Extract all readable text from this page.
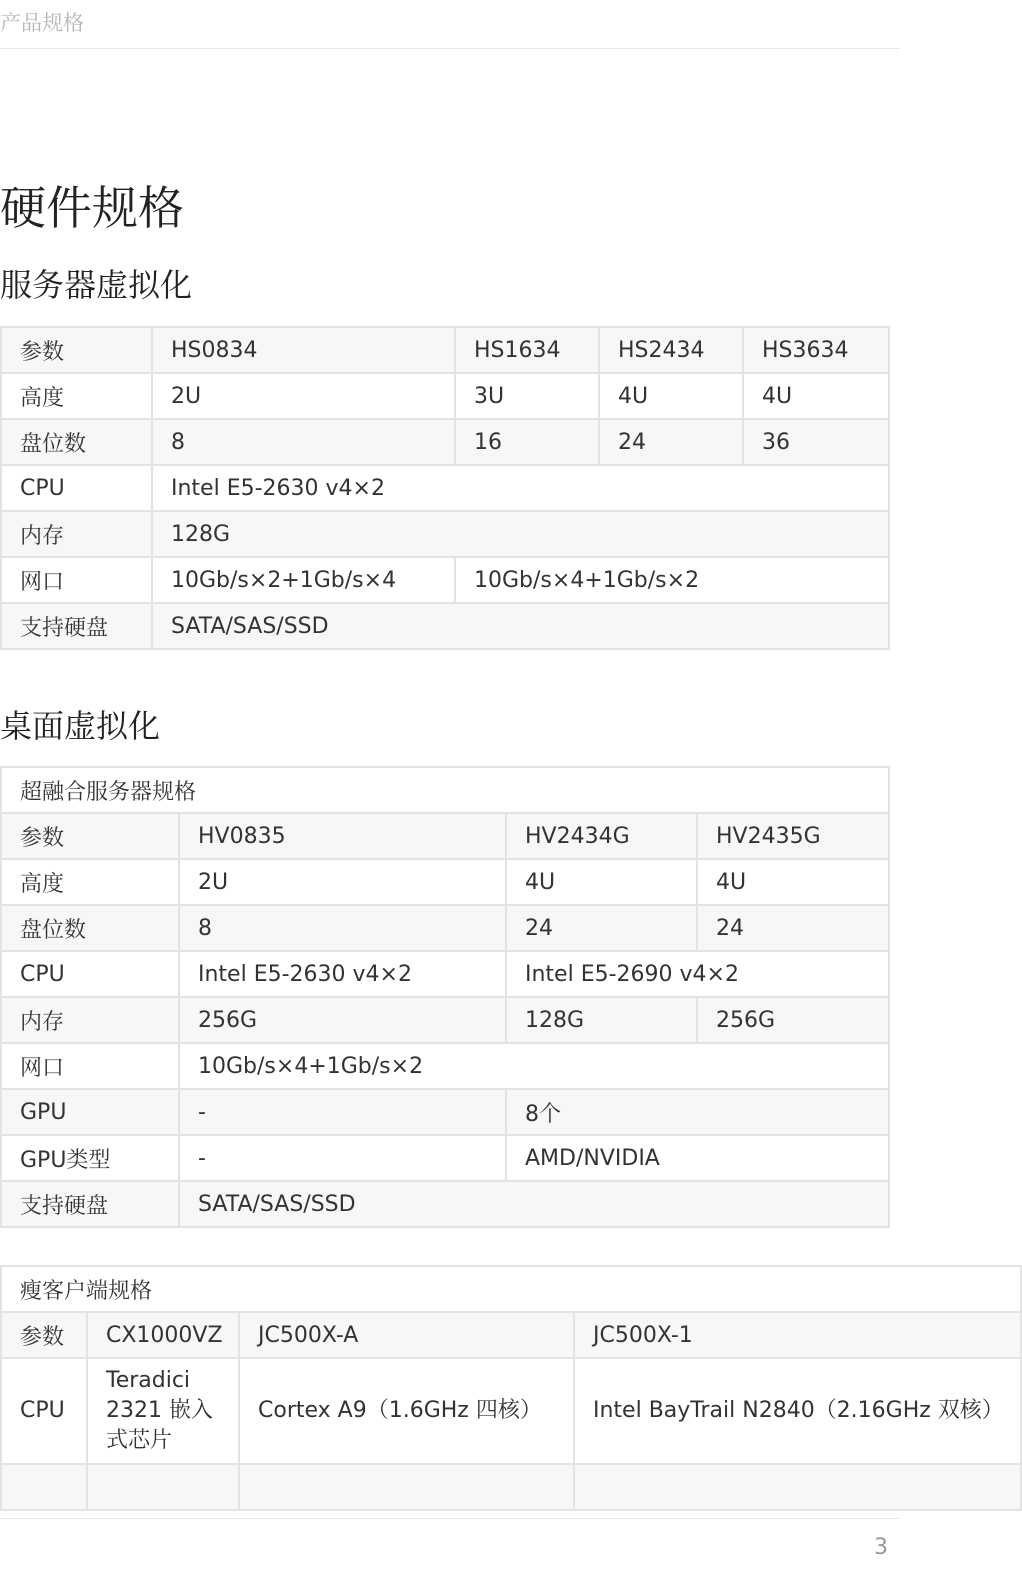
产品规格
硬件规格
服务器虚拟化
参数	HS0834	HS1634	HS2434	HS3634
高度	2U	3U	4U	4U
盘位数	8	16	24	36
CPU	Intel E5-2630 v4×2			
内存	128G			
网口	10Gb/s×2+1Gb/s×4	10Gb/s×4+1Gb/s×2		
支持硬盘	SATA/SAS/SSD			
桌面虚拟化
超融合服务器规格			
参数	HV0835	HV2434G	HV2435G
高度	2U	4U	4U
盘位数	8	24	24
CPU	Intel E5-2630 v4×2	Intel E5-2690 v4×2	
内存	256G	128G	256G
网口	10Gb/s×4+1Gb/s×2		
GPU	-	8个	
GPU类型	-	AMD/NVIDIA	
支持硬盘	SATA/SAS/SSD		
瘦客户端规格			
参数	CX1000VZ	JC500X-A	JC500X-1
CPU	Teradici 2321 嵌入式芯片	Cortex A9（1.6GHz 四核）	Intel BayTrail N2840（2.16GHz 双核）

3
